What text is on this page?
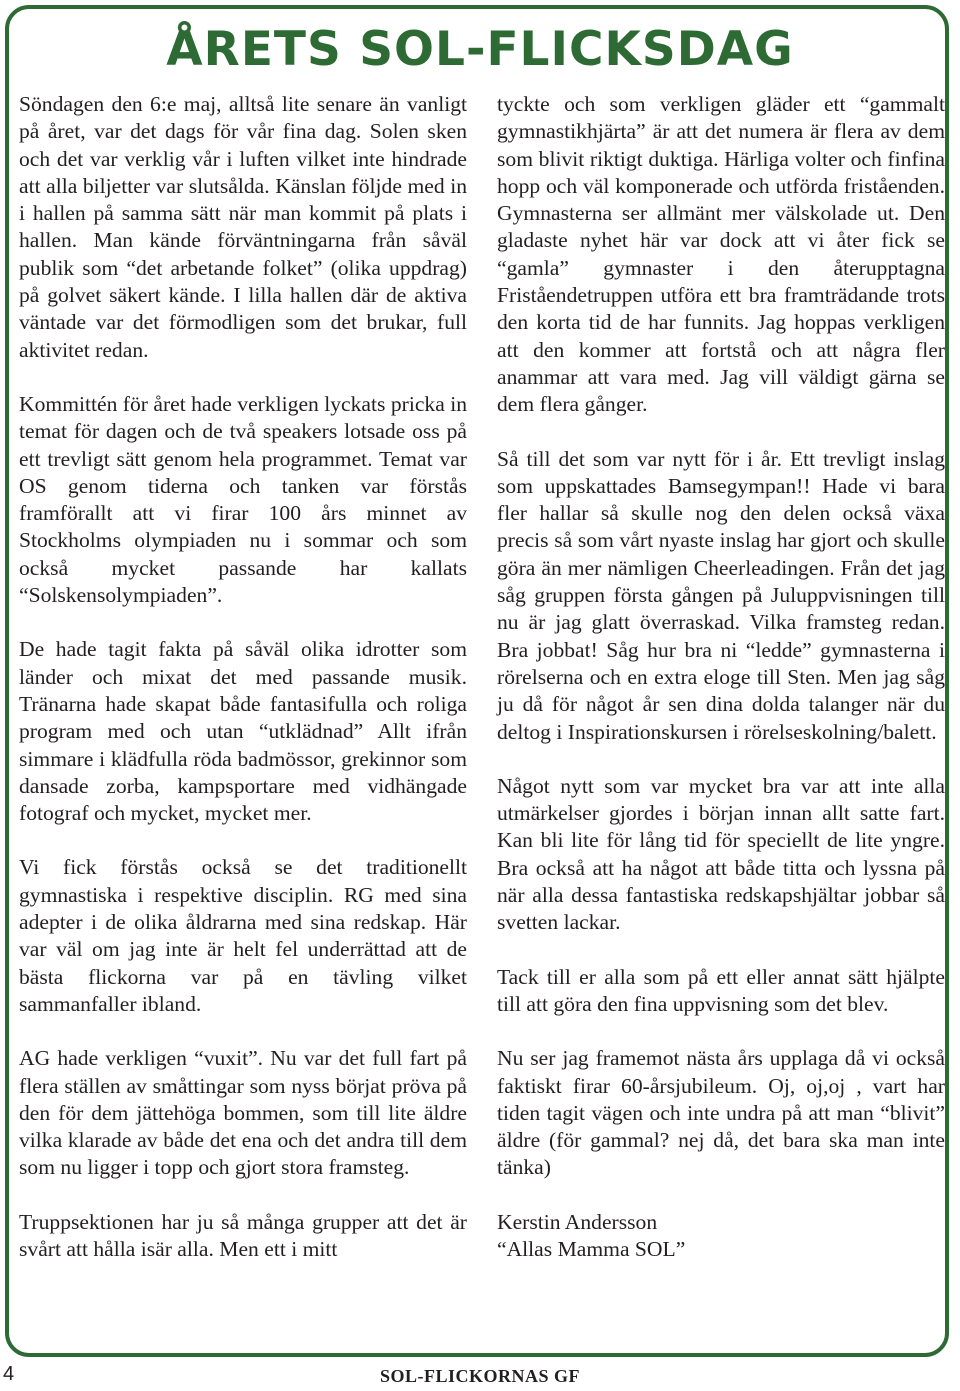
ÅRETS SOL-FLICKSDAG

Söndagen den 6:e maj, alltså lite senare än vanligt på året, var det dags för vår fina dag. Solen sken och det var verklig vår i luften vilket inte hindrade att alla biljetter var slutsålda. Känslan följde med in i hallen på samma sätt när man kommit på plats i hallen. Man kände förväntningarna från såväl publik som “det arbetande folket” (olika uppdrag) på golvet säkert kände. I lilla hallen där de aktiva väntade var det förmodligen som det brukar, full aktivitet redan.

Kommittén för året hade verkligen lyckats pricka in temat för dagen och de två speakers lotsade oss på ett trevligt sätt genom hela programmet. Temat var OS genom tiderna och tanken var förstås framförallt att vi firar 100 års minnet av Stockholms olympiaden nu i sommar och som också mycket passande har kallats “Solskensolympiaden”.

De hade tagit fakta på såväl olika idrotter som länder och mixat det med passande musik. Tränarna hade skapat både fantasifulla och roliga program med och utan “utklädnad” Allt ifrån simmare i klädfulla röda badmössor, grekinnor som dansade zorba, kampsportare med vidhängade fotograf och mycket, mycket mer.

Vi fick förstås också se det traditionellt gymnastiska i respektive disciplin. RG med sina adepter i de olika åldrarna med sina redskap. Här var väl om jag inte är helt fel underrättad att de bästa flickorna var på en tävling vilket sammanfaller ibland.

AG hade verkligen “vuxit”. Nu var det full fart på flera ställen av småttingar som nyss börjat pröva på den för dem jättehöga bommen, som till lite äldre vilka klarade av både det ena och det andra till dem som nu ligger i topp och gjort stora framsteg.

Truppsektionen har ju så många grupper att det är svårt att hålla isär alla. Men ett i mitt

tyckte och som verkligen gläder ett “gammalt gymnastikhjärta” är att det numera är flera av dem som blivit riktigt duktiga. Härliga volter och finfina hopp och väl komponerade och utförda friståenden. Gymnasterna ser allmänt mer välskolade ut. Den gladaste nyhet här var dock att vi åter fick se “gamla” gymnaster i den återupptagna Friståendetruppen utföra ett bra framträdande trots den korta tid de har funnits. Jag hoppas verkligen att den kommer att fortstå och att några fler anammar att vara med. Jag vill väldigt gärna se dem flera gånger.

Så till det som var nytt för i år. Ett trevligt inslag som uppskattades Bamsegympan!! Hade vi bara fler hallar så skulle nog den delen också växa precis så som vårt nyaste inslag har gjort och skulle göra än mer nämligen Cheerleadingen. Från det jag såg gruppen första gången på Juluppvisningen till nu är jag glatt överraskad. Vilka framsteg redan. Bra jobbat! Såg hur bra ni “ledde” gymnasterna i rörelserna och en extra eloge till Sten. Men jag såg ju då för något år sen dina dolda talanger när du deltog i Inspirationskursen i rörelseskolning/balett.

Något nytt som var mycket bra var att inte alla utmärkelser gjordes i början innan allt satte fart. Kan bli lite för lång tid för speciellt de lite yngre. Bra också att ha något att både titta och lyssna på när alla dessa fantastiska redskapshjältar jobbar så svetten lackar.

Tack till er alla som på ett eller annat sätt hjälpte till att göra den fina uppvisning som det blev.

Nu ser jag framemot nästa års upplaga då vi också faktiskt firar 60-årsjubileum. Oj, oj,oj , vart har tiden tagit vägen och inte undra på att man “blivit” äldre (för gammal? nej då, det bara ska man inte tänka)

Kerstin Andersson
“Allas Mamma SOL”

4	SOL-FLICKORNAS GF
